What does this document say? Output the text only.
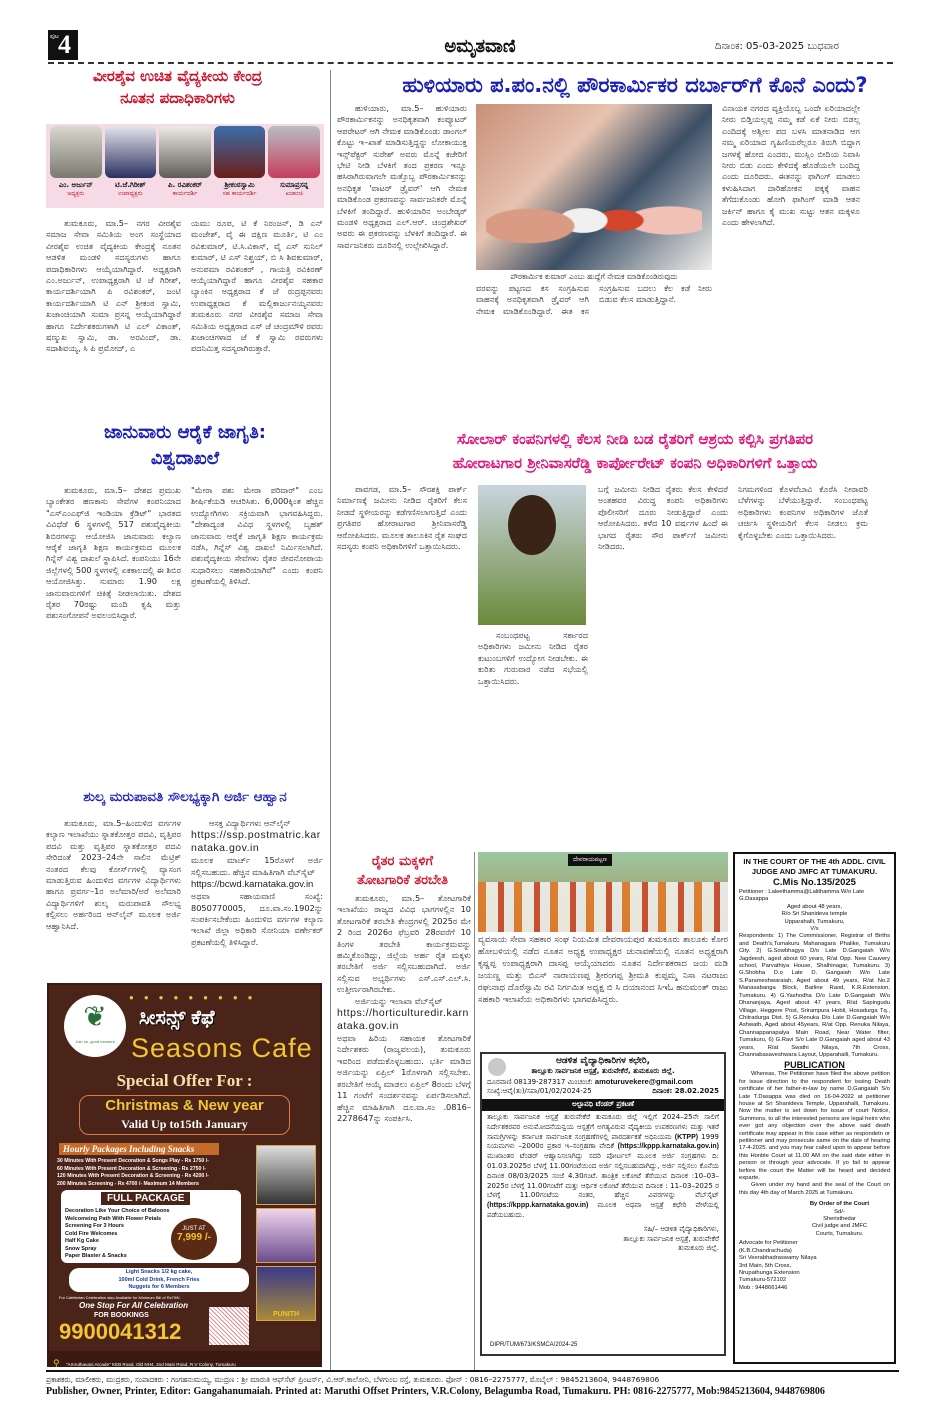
ಪುಟ 4	ಅಮೃತವಾಣಿ	ದಿನಾಂಕ: 05-03-2025 ಬುಧವಾರ
ವೀರಶೈವ ಉಚಿತ ವೈದ್ಯಕೀಯ ಕೇಂದ್ರ
ನೂತನ ಪದಾಧಿಕಾರಿಗಳು
ಎಂ. ಅರ್ಜುನ್
ಅಧ್ಯಕ್ಷರು
ಟಿ.ಜೆ.ಗಿರೀಶ್
ಉಪಾಧ್ಯಕ್ಷರು
ಪಿ. ರವಿಶಂಕರ್
ಕಾರ್ಯದರ್ಶಿ
ಶ್ರೀಕಂಠಸ್ವಾಮಿ
ಸಹ ಕಾರ್ಯದರ್ಶಿ
ಸುಮಾಪ್ರಸನ್ನ
ಖಜಾಂಚಿ

ತುಮಕೂರು, ಮಾ.5– ನಗರ ವೀರಶೈವ ಸಮಾಜ ಸೇವಾ ಸಮಿತಿಯ ಅಂಗ ಸಂಸ್ಥೆಯಾದ ವೀರಶೈವ ಉಚಿತ ವೈದ್ಯಕೀಯ ಕೇಂದ್ರಕ್ಕೆ ನೂತನ ಆಡಳಿತ ಮಂಡಳಿ ಸದಸ್ಯರುಗಳು ಹಾಗೂ ಪದಾಧಿಕಾರಿಗಳು ಆಯ್ಕೆಯಾಗಿದ್ದಾರೆ. ಅಧ್ಯಕ್ಷರಾಗಿ ಎಂ.ಅರ್ಜುನ್, ಉಪಾಧ್ಯಕ್ಷರಾಗಿ ಟಿ ಜೆ ಗಿರೀಶ್, ಕಾರ್ಯದರ್ಶಿಯಾಗಿ ಪಿ ರವಿಶಂಕರ್, ಜಂಟಿ ಕಾರ್ಯದರ್ಶಿಯಾಗಿ ಟಿ ಎನ್ ಶ್ರೀಕಂಠ ಸ್ವಾಮಿ, ಖಜಾಂಚಿಯಾಗಿ ಸುಮಾ ಪ್ರಸನ್ನ ಆಯ್ಕೆಯಾಗಿದ್ದಾರೆ ಹಾಗೂ ನಿರ್ದೇಶಕರುಗಳಾಗಿ ಟಿ ಎಲ್ ವಿಕಾಂತ್, ಷಣ್ಮುಖ ಸ್ವಾಮಿ, ಡಾ. ಅರವಿಂದ್, ಡಾ. ಸದಾಶಿವಯ್ಯ, ಸಿ ಪಿ ಪ್ರಮೋದ್, ಎ

ಯಮು ರೂಪ, ಟಿ ಕೆ ನಿರಂಜನ್, ಡಿ ಎನ್ ಮಂಜೇಶ್, ವೈ ಈ ದಕ್ಷಿಣ ಮೂರ್ತಿ, ಟಿ ಎಂ ರವಿಕುಮಾರ್, ಟಿ.ಸಿ.ವಿಕಾಸ್, ವೈ ಎಸ್ ಸುನಿಲ್ ಕುಮಾರ್, ಟಿ ಎಸ್ ನಿಶ್ಚಯ್, ಬಿ ಸಿ ಶಿವಕುಮಾರ್, ಅನುಪಮಾ ರವಿಶಂಕರ್ , ಗಾಯತ್ರಿ ರವಿಕಿರಣ್ ಆಯ್ಕೆಯಾಗಿದ್ದಾರೆ ಹಾಗೂ ವೀರಶೈವ ಸಹಕಾರ ಬ್ಯಾಂಕಿನ ಅಧ್ಯಕ್ಷರಾದ ಕೆ ಜೆ ರುದ್ರಪ್ಪನವರು ಉಪಾಧ್ಯಕ್ಷರಾದ ಕೆ ಮಲ್ಲಿಕಾರ್ಜುನಯ್ಯನವರು ತುಮಕೂರು ನಗರ ವೀರಶೈವ ಸಮಾಜ ಸೇವಾ ಸಮಿತಿಯ ಅಧ್ಯಕ್ಷರಾದ ಎಸ್ ಜೆ ಚಂದ್ರಮೌಳಿ ರವರು ಖಜಾಂಚಿಗಳಾದ ಜೆ ಕೆ ಸ್ವಾಮಿ ರವರುಗಳು ಪದನಿಮಿತ್ತ ಸದಸ್ಯರಾಗಿರುತ್ತಾರೆ.

ಜಾನುವಾರು ಆರೈಕೆ ಜಾಗೃತಿ:
ವಿಶ್ವದಾಖಲೆ

ತುಮಕೂರು, ಮಾ.5– ದೇಶದ ಪ್ರಮುಖ ಬ್ಯಾಂಕೇತರ ಹಣಕಾಸು ಸೇವೆಗಳ ಕಂಪನಿಯಾದ "ಎಸ್‌ಎಂಎಫ್‌ಜಿ ಇಂಡಿಯಾ ಕ್ರೆಡಿಟ್" ಭಾರತದ ವಿವಿಧೆಡೆ 6 ಸ್ಥಳಗಳಲ್ಲಿ 517 ಪಶುವೈದ್ಯಕೀಯ ಶಿಬಿರಗಳನ್ನು ಆಯೋಜಿಸಿ ಜಾನುವಾರು ಕಲ್ಯಾಣ ಆರೈಕೆ ಜಾಗೃತಿ ಶಿಕ್ಷಣ ಕಾರ್ಯಕ್ರಮದ ಮೂಲಕ ಗಿನ್ನೆಸ್ ವಿಶ್ವ ದಾಖಲೆ ಸ್ಥಾಪಿಸಿದೆ. ಕಂಪನಿಯು 16ನೇ ಜಿಲ್ಲೆಗಳಲ್ಲಿ 500 ಸ್ಥಳಗಳಲ್ಲಿ ಏಕಕಾಲದಲ್ಲಿ ಈ ಶಿಬಿರ ಆಯೋಜಿಸಿತ್ತು. ಸುಮಾರು 1.90 ಲಕ್ಷ ಜಾನುವಾರುಗಳಿಗೆ ಚಿಕಿತ್ಸೆ ನೀಡಲಾಯಿತು. ದೇಶದ ರೈತರ 70ರಷ್ಟು ಮಂದಿ ಕೃಷಿ ಮತ್ತು ಪಶುಸಂಗೋಪನೆ ಅವಲಂಬಿಸಿದ್ದಾರೆ.

"ಮೇರಾ ಪಶು ಮೇರಾ ಪರಿವಾರ್" ಎಂಬ ಶೀರ್ಷಿಕೆಯಡಿ ಆಚರಿಸಿತು. 6,000ಕ್ಕಿಂತ ಹೆಚ್ಚಿನ ಉದ್ಯೋಗಿಗಳು ಸಕ್ರಿಯವಾಗಿ ಭಾಗವಹಿಸಿದ್ದರು. "ದೇಶಾದ್ಯಂತ ವಿವಿಧ ಸ್ಥಳಗಳಲ್ಲಿ ಬೃಹತ್ ಜಾನುವಾರು ಆರೈಕೆ ಜಾಗೃತಿ ಶಿಕ್ಷಣ ಕಾರ್ಯಕ್ರಮ ನಡೆಸಿ, ಗಿನ್ನೆಸ್ ವಿಶ್ವ ದಾಖಲೆ ನಿರ್ಮಿಸಲಾಗಿದೆ. ಪಶುವೈದ್ಯಕೀಯ ಸೇವೆಗಳು ರೈತರ ಜೀವನೋಪಾಯ ಸುಧಾರಿಸಲು ಸಹಕಾರಿಯಾಗಿವೆ" ಎಂದು ಕಂಪನಿ ಪ್ರಕಟಣೆಯಲ್ಲಿ ತಿಳಿಸಿದೆ.

ಶುಲ್ಕ ಮರುಪಾವತಿ ಸೌಲಭ್ಯಕ್ಕಾಗಿ ಅರ್ಜಿ ಆಹ್ವಾನ

ತುಮಕೂರು, ಮಾ.5–ಹಿಂದುಳಿದ ವರ್ಗಗಳ ಕಲ್ಯಾಣ ಇಲಾಖೆಯು ಸ್ನಾತಕೋತ್ತರ ಪದವಿ, ವೃತ್ತಿಪರ ಪದವಿ ಮತ್ತು ವೃತ್ತಿಪರ ಸ್ನಾತಕೋತ್ತರ ಪದವಿ ಸೇರಿದಂತೆ 2023–24ನೇ ಸಾಲಿನ ಮೆಟ್ರಿಕ್ ನಂತರದ ಕೆಲವು ಕೋರ್ಸ್‌ಗಳಲ್ಲಿ ವ್ಯಾಸಂಗ ಮಾಡುತ್ತಿರುವ ಹಿಂದುಳಿದ ವರ್ಗಗಳ ವಿದ್ಯಾರ್ಥಿಗಳು ಹಾಗೂ ಪ್ರವರ್ಗ–1ರ ಅಲೆಮಾರಿ/ಅರೆ ಅಲೆಮಾರಿ ವಿದ್ಯಾರ್ಥಿಗಳಿಗೆ ಶುಲ್ಕ ಮರುಪಾವತಿ ಸೌಲಭ್ಯ ಕಲ್ಪಿಸಲು ಅರ್ಹರಿಂದ ಆನ್‌ಲೈನ್ ಮೂಲಕ ಅರ್ಜಿ ಆಹ್ವಾನಿಸಿದೆ.

ಆಸಕ್ತ ವಿದ್ಯಾರ್ಥಿಗಳು ಆನ್‌ಲೈನ್

https://ssp.postmatric.karnataka.gov.in
ಮೂಲಕ ಮಾರ್ಚ್ 15ರೊಳಗೆ ಅರ್ಜಿ ಸಲ್ಲಿಸಬಹುದು. ಹೆಚ್ಚಿನ ಮಾಹಿತಿಗಾಗಿ ವೆಬ್‌ಸೈಟ್
https://bcwd.karnataka.gov.in
ಅಥವಾ ಸಹಾಯವಾಣಿ ಸಂಖ್ಯೆ: 8050770005, ದೂ.ವಾ.ಸಂ.1902ನ್ನು ಸಂಪರ್ಕಿಸಬೇಕೆಂದು ಹಿಂದುಳಿದ ವರ್ಗಗಳ ಕಲ್ಯಾಣ ಇಲಾಖೆ ಜಿಲ್ಲಾ ಅಧಿಕಾರಿ ಸೋನಿಯಾ ವರ್ಣೇಕರ್ ಪ್ರಕಟಣೆಯಲ್ಲಿ ತಿಳಿಸಿದ್ದಾರೆ.
❦
Join us, good moment
●●●●●●●●●
ಸೀಸನ್ಸ್ ಕೆಫೆ
Seasons Cafe
Special Offer For :
Christmas & New year
Valid Up to15th January
Hourly Packages Including Snacks
30 Minutes With Present Decoration & Songs Play - Rs 1750 /-
60 Minutes With Present Decoration & Screening - Rs 2750 /-
120 Minutes With Present Decoration & Screening - Rs 4200 /-
200 Minutes Screening - Rs 4700 /- Maximum 14 Members
FULL PACKAGE
Decoration Like Your Choice of Baloons
Welcomeing Path With Flower Petals
Screening For 3 Hours
Cold Fire Welcomes
Half Kg Cake
Snow Spray
Paper Blaster & Snacks
JUST AT
7,999 /-
Light Snacks 1/2 kg cake,
100ml Cold Drink, French Fries
Nuggets for 6 Members
For Cafeterian Celebration also Available for Minimum Bill of Rs799/-
One Stop For All Celebration
FOR BOOKINGS
9900041312
PUNITH
⚲ "Amruthavani Arcade" KEB Road, Old NH4, 2nd Main Road, R.V Colony, Tumakuru
ಹುಳಿಯಾರು ಪ.ಪಂ.ನಲ್ಲಿ ಪೌರಕಾರ್ಮಿಕರ ದರ್ಬಾರ್‌ಗೆ ಕೊನೆ ಎಂದು?

ಹುಳಿಯಾರು, ಮಾ.5– ಹುಳಿಯಾರು ಪೌರಕಾರ್ಮಿಕನನ್ನು ಅನಧಿಕೃತವಾಗಿ ಕಂಪ್ಯೂಟರ್ ಆಪರೇಟರ್ ಆಗಿ ನೇಮಕ ಮಾಡಿಕೊಂಡು ಡಾಂಗಲ್ ಕೊಟ್ಟು ಇ–ಖಾತೆ ಮಾಡಿಸುತ್ತಿದ್ದನ್ನು ಲೋಕಾಯುಕ್ತ ಇನ್ಸ್‌ಪೆಕ್ಟರ್ ಸುರೇಶ್ ಅವರು ಮೊನ್ನೆ ಕಚೇರಿಗೆ ಭೇಟಿ ನೀಡಿ ಬೆಳಕಿಗೆ ತಂದ ಪ್ರಕರಣ ಇನ್ನೂ ಹಸಿರಾಗಿರುವಾಗಲೇ ಮತ್ತೊಬ್ಬ ಪೌರಕಾರ್ಮಿಕನನ್ನು ಅನಧಿಕೃತ 'ವಾಟರ್ ಡ್ರೈವರ್' ಆಗಿ ನೇಮಕ ಮಾಡಿಕೊಂಡ ಪ್ರಕರಣವನ್ನು ಸಾರ್ವಜನಿಕರೇ ಮೊನ್ನೆ ಬೆಳಕಿಗೆ ತಂದಿದ್ದಾರೆ. ಹುಳಿಯಾರಿನ ಅಂಬೇಡ್ಕರ್ ಮಂಡಳಿ ಅಧ್ಯಕ್ಷರಾದ ಎಲ್.ಆರ್. ಚಂದ್ರಶೇಖರ್ ಅವರು ಈ ಪ್ರಕರಣವನ್ನು ಬೆಳಕಿಗೆ ತಂದಿದ್ದಾರೆ. ಈ ಸಾರ್ವಜನಿಕರು ದೂರಿನಲ್ಲಿ ಉಲ್ಲೇಖಿಸಿದ್ದಾರೆ.

ಪೌರಕಾರ್ಮಿಕ ಕುಮಾರ್ ಎಂಬು ಹುದ್ದೆಗೆ ನೇಮಕ ಮಾಡಿಕೊಂಡಿರುವುದು

ವರವನ್ನು ಪಟ್ಟಣದ ಕಸ ಸಂಗ್ರಹಿಸುವ ವಾಹನಕ್ಕೆ ಅನಧಿಕೃತವಾಗಿ ಡ್ರೈವರ್ ಆಗಿ ನೇಮಕ ಮಾಡಿಕೊಂಡಿದ್ದಾರೆ. ಈತ ಕಸ ಸಂಗ್ರಹಿಸುವ ಬದಲು ಕೆಲ ಕಡೆ ನೀರು ಬಿಡುವ ಕೆಲಸ ಮಾಡುತ್ತಿದ್ದಾನೆ.

ವಿನಾಯಕ ನಗರದ ವ್ಯಕ್ತಿಯೊಬ್ಬ ಒಂದೇ ಏರಿಯಾದಲ್ಲೇ ನೀರು ಬಿಡ್ತಿಯಲ್ಲಪ್ಪ ನಮ್ಮ ಕಡೆ ಏಕೆ ನೀರು ಬಿಡಲ್ಲ ಎಂದಿದಕ್ಕೆ ಅಶ್ಲೀಲ ಪದ ಬಳಸಿ ಮಾತನಾಡಿದ ಆಗ ನಮ್ಮ ಏರಿಯಾದ ಗೃಹಿಣಿಯರೆಲ್ಲರೂ ತಿರುಗಿ ಬಿದ್ದಾಗ ಜಗಳಕ್ಕೆ ಹೋದ ಎಂದರು, ಮುಸ್ಲಿಂ ಬೀದಿಯ ನಿವಾಸಿ ನೀರು ಬಿಡು ಎಂದು ಕೇಳಿದಕ್ಕೆ ಹೊಡೆಯಲೇ ಬಂದಿದ್ದ ಎಂದು ದೂರಿದರು. ಈತನನ್ನು ಫಾಗಿಂಗ್ ಮಾಡಲು ಕಳುಹಿಸಿದಾಗ ದಾರಿಹೋಕನ ಪಕ್ಕಕ್ಕೆ ವಾಹನ ತೆಗೆದುಕೊಂಡು ಹೋಗಿ ಫಾಗಿಂಗ್ ಮಾಡಿ ಆತನ ಜರ್ಕಿನ್ ಹಾಗೂ ಕೈ ಮುಖ ಸುಟ್ಟು ಆತನ ಮಕ್ಕಳೂ ಎಂದು ಹೇಳಲಾಗಿದೆ.

ಸೋಲಾರ್ ಕಂಪನಿಗಳಲ್ಲಿ ಕೆಲಸ ನೀಡಿ ಬಡ ರೈತರಿಗೆ ಆಶ್ರಯ ಕಲ್ಪಿಸಿ ಪ್ರಗತಿಪರ
ಹೋರಾಟಗಾರ ಶ್ರೀನಿವಾಸರೆಡ್ಡಿ ಕಾರ್ಪೋರೇಟ್ ಕಂಪನಿ ಅಧಿಕಾರಿಗಳಿಗೆ ಒತ್ತಾಯ

ಪಾವಗಡ, ಮಾ.5– ಸೌರಶಕ್ತಿ ಪಾರ್ಕ್ ನಿರ್ಮಾಣಕ್ಕೆ ಜಮೀನು ನೀಡಿದ ರೈತರಿಗೆ ಕೆಲಸ ನೀಡದೆ ಸ್ಥಳೀಯರನ್ನು ಕಡೆಗಣಿಸಲಾಗುತ್ತಿದೆ ಎಂದು ಪ್ರಗತಿಪರ ಹೋರಾಟಗಾರ ಶ್ರೀನಿವಾಸರೆಡ್ಡಿ ಆರೋಪಿಸಿದರು. ಮೂಲಕ ತಾಲೂಕಿನ ರೈತ ಸಂಘದ ಸದಸ್ಯರು ಕಂಪನಿ ಅಧಿಕಾರಿಗಳಿಗೆ ಒತ್ತಾಯಿಸಿದರು.

ಸಂಬಂಧಪಟ್ಟ ಸರ್ಕಾರದ ಅಧಿಕಾರಿಗಳು ಜಮೀನು ನೀಡಿದ ರೈತರ ಕುಟುಂಬಗಳಿಗೆ ಉದ್ಯೋಗ ನೀಡಬೇಕು. ಈ ಕುರಿತು ಗುರುವಾರ ನಡೆದ ಸಭೆಯಲ್ಲಿ ಒತ್ತಾಯಿಸಿದರು.

ಬಗ್ಗೆ ಜಮೀನು ನೀಡಿದ ರೈತರು ಕೆಲಸ ಕೇಳಿದರೆ ಅಂತಹವರ ವಿರುದ್ಧ ಕಂಪನಿ ಅಧಿಕಾರಿಗಳು ಪೊಲೀಸರಿಗೆ ದೂರು ನೀಡುತ್ತಿದ್ದಾರೆ ಎಂದು ಆರೋಪಿಸಿದರು. ಕಳೆದ 10 ವರ್ಷಗಳ ಹಿಂದೆ ಈ ಭಾಗದ ರೈತರು ಸೌರ ಪಾರ್ಕ್‌ಗೆ ಜಮೀನು ನೀಡಿದರು.

ನಿಗಮಗಳಿಂದ ಕೊಳವೆಬಾವಿ ಕೊರೆಸಿ ನೀರಾವರಿ ಬೆಳೆಗಳನ್ನು ಬೆಳೆಯುತ್ತಿದ್ದಾರೆ. ಸಂಬಂಧಪಟ್ಟ ಅಧಿಕಾರಿಗಳು ಕಂಪನಿಗಳ ಅಧಿಕಾರಿಗಳ ಜೊತೆ ಚರ್ಚಿಸಿ ಸ್ಥಳೀಯರಿಗೆ ಕೆಲಸ ನೀಡಲು ಕ್ರಮ ಕೈಗೊಳ್ಳಬೇಕು ಎಂದು ಒತ್ತಾಯಿಸಿದರು.

ರೈತರ ಮಕ್ಕಳಿಗೆ
ತೋಟಗಾರಿಕೆ ತರಬೇತಿ

ತುಮಕೂರು, ಮಾ.5– ತೋಟಗಾರಿಕೆ ಇಲಾಖೆಯು ರಾಜ್ಯದ ವಿವಿಧ ಭಾಗಗಳಲ್ಲಿನ 10 ತೋಟಗಾರಿಕೆ ತರಬೇತಿ ಕೇಂದ್ರಗಳಲ್ಲಿ 2025ರ ಮೇ 2 ರಿಂದ 2026ರ ಫೆಬ್ರವರಿ 28ರವರೆಗೆ 10 ತಿಂಗಳ ತರಬೇತಿ ಕಾರ್ಯಕ್ರಮವನ್ನು ಹಮ್ಮಿಕೊಂಡಿದ್ದು, ಜಿಲ್ಲೆಯ ಅರ್ಹ ರೈತ ಮಕ್ಕಳು ತರಬೇತಿಗೆ ಅರ್ಜಿ ಸಲ್ಲಿಸಬಹುದಾಗಿದೆ. ಅರ್ಜಿ ಸಲ್ಲಿಸುವ ಅಭ್ಯರ್ಥಿಗಳು ಎಸ್.ಎಸ್.ಎಲ್.ಸಿ. ಉತ್ತೀರ್ಣರಾಗಿರಬೇಕು.

ಅರ್ಜಿಯನ್ನು ಇಲಾಖಾ ವೆಬ್‌ಸೈಟ್

https://horticulturedir.karnataka.gov.in
ಅಥವಾ ಹಿರಿಯ ಸಹಾಯಕ ತೋಟಗಾರಿಕೆ ನಿರ್ದೇಶಕರು (ರಾಜ್ಯವಲಯ), ತುಮಕೂರು ಇವರಿಂದ ಪಡೆದುಕೊಳ್ಳಬಹುದು. ಭರ್ತಿ ಮಾಡಿದ ಅರ್ಜಿಯನ್ನು ಏಪ್ರಿಲ್ 1ರೊಳಗಾಗಿ ಸಲ್ಲಿಸಬೇಕು. ತರಬೇತಿಗೆ ಆಯ್ಕೆ ಮಾಡಲು ಏಪ್ರಿಲ್ 8ರಂದು ಬೆಳಗ್ಗೆ 11 ಗಂಟೆಗೆ ಸಂದರ್ಶನವನ್ನು ಏರ್ಪಡಿಸಲಾಗಿದೆ. ಹೆಚ್ಚಿನ ಮಾಹಿತಿಗಾಗಿ ದೂ.ವಾ.ಸಂ .0816–2278647ನ್ನು ಸಂಪರ್ಕಿಸಿ.
ದೇವರಾಯಪಟ್ಟಣ

ವ್ಯವಸಾಯ ಸೇವಾ ಸಹಕಾರ ಸಂಘ ನಿಯಮಿತ ದೇವರಾಯಪುರ ತುಮಕೂರು ತಾಲೂಕು ಕೋರ ಹೋಬಳಿಯಲ್ಲಿ ನಡೆದ ನೂತನ ಅಧ್ಯಕ್ಷ ಉಪಾಧ್ಯಕ್ಷರ ಚುನಾವಣೆಯಲ್ಲಿ ನೂತನ ಅಧ್ಯಕ್ಷರಾಗಿ ಕೃಷ್ಣಪ್ಪ ಉಪಾಧ್ಯಕ್ಷರಾಗಿ ದಾಸಪ್ಪ ಆಯ್ಕೆಯಾದರು ನೂತನ ನಿರ್ದೇಶಕರಾದ ಜಯ ಮಡಿ ಜಯಣ್ಣ ಮತ್ತು ಬಿಎಸ್ ನಾರಾಯಣಪ್ಪ ಶ್ರೀರಂಗಪ್ಪ ಶ್ರೀಮತಿ ಕುಪ್ಪಮ್ಮ ನಿಸಾ ನಟರಾಜು ರಘುನಾಥ ದೊರೆಸ್ವಾಮಿ ರವಿ ನಿರ್ಗಮಿತ ಅಧ್ಯಕ್ಷ ಬಿ ಸಿ ದಯಾನಂದ ಸಿಇಓ ಹನುಮಂತ್ ರಾಜು ಸಹಕಾರಿ ಇಲಾಖೆಯ ಅಧಿಕಾರಿಗಳು ಭಾಗವಹಿಸಿದ್ದರು.

ಆಡಳಿತ ವೈದ್ಯಾಧಿಕಾರಿಗಳ ಕಛೇರಿ,
ತಾಲ್ಲೂಕು ಸಾರ್ವಜನಿಕ ಆಸ್ಪತ್ರೆ, ತುರುವೇಕೆರೆ, ತುಮಕೂರು ಜಿಲ್ಲೆ.
ದೂರವಾಣಿ 08139-287317 ಮಿಂಚಂಚೆ: amoturuvekere@gmail.com
ಸಂಖ್ಯೆ:ಆವೈ(ತು)/ಸಪಾ/01/02/2024-25	ದಿನಾಂಕ: 28.02.2025
ಅಲ್ಪಾವಧಿ ಟೆಂಡರ್ ಪ್ರಕಟಣೆ
ತಾಲ್ಲೂಕು ಸಾರ್ವಜನಿಕ ಆಸ್ಪತ್ರೆ ತುರುವೇಕೆರೆ ತುಮಕೂರು ಜಿಲ್ಲೆ ಇಲ್ಲಿಗೆ 2024–25ನೇ ಸಾಲಿಗೆ ನಿರ್ದೇಶಕರವರ ಅನುಮೋದನೆಯನ್ವಯ ಆಸ್ಪತ್ರೆಗೆ ಅಗತ್ಯವಿರುವ ವೈದ್ಯಕೀಯ ಉಪಕರಣಗಳು ಮತ್ತು ಇತರೆ ಸಾಮಗ್ರಿಗಳನ್ನು ಕರ್ನಾಟಕ ಸಾರ್ವಜನಿಕ ಸಂಗ್ರಹಣೆಗಳಲ್ಲಿ ಪಾರದರ್ಶಕತೆ ಅಧಿನಿಯಮ (KTPP) 1999 ನಿಯಮಗಳು –2000ರ ಪ್ರಕಾರ ಇ–ಸಂಗ್ರಹಣಾ ವೇದಿಕೆ (https://kppp.karnataka.gov.in) ಮುಖಾಂತರ ಟೆಂಡರ್ ಆಹ್ವಾನಿಸಲಾಗಿದ್ದು ಸದರಿ ಪೋರ್ಟಲ್ ಮೂಲಕ ಅರ್ಜಿ ಸಂಗ್ರಹಗಳು ದಿ: 01.03.2025ರ ಬೆಳಗ್ಗೆ 11.00ಗಂಟೆಯಿಂದ ಅರ್ಜಿ ಸಲ್ಲಿಸಬಹುದಾಗಿದ್ದು, ಅರ್ಜಿ ಸಲ್ಲಿಸಲು ಕೊನೆಯ ದಿನಾಂಕ 08/03/2025 ಸಂಜೆ 4.30ಗಂಟೆ. ತಾಂತ್ರಿಕ ಲಕೋಟೆ ತೆರೆಯುವ ದಿನಾಂಕ :10–03–2025ರ ಬೆಳಗ್ಗೆ 11.00ಗಂಟೆಗೆ ಮತ್ತು ಆರ್ಥಿಕ ಲಕೋಟೆ ತೆರೆಯುವ ದಿನಾಂಕ : 11–03–2025 ರ ಬೆಳಗ್ಗೆ 11.00ಗಂಟೆಯ ನಂತರ, ಹೆಚ್ಚಿನ ವಿವರಗಳನ್ನು ವೆಬ್‌ಸೈಟ್ (https://kppp.karnataka.gov.in) ಮೂಲಕ ಅಥವಾ ಆಸ್ಪತ್ರೆ ಕಛೇರಿ ವೇಳೆಯಲ್ಲಿ ಪಡೆಯಬಹುದು.
ಸಹಿ/– ಆಡಳಿತ ವೈದ್ಯಾಧಿಕಾರಿಗಳು,
ತಾಲ್ಲೂಕು ಸಾರ್ವಜನಿಕ ಆಸ್ಪತ್ರೆ, ತುರುವೇಕೆರೆ
ತುಮಕೂರು ಜಿಲ್ಲೆ.
DIPR/TUM/673/KSMCA/2024-25
IN THE COURT OF THE 4th ADDL. CIVIL
JUDGE AND JMFC AT TUMAKURU.
C.Mis No.135/2025
Petitioner : Laleethamma@Lalithamma W/o Late G.Dasappa
Aged about 48 years,
R/o Sri Shanideva temple
Upparahalli, Tumakuru,
V/s
Respondents: 1) The Commissioner, Registrar of Births and Death's,Tumakuru Mahanagara Phalike, Tumakuru City. 2) G.Sowbhagya D/o Late D.Gangaiah W/o Jagdeesh, aged about 60 years, R/at Opp. New Cauvery school, Parvathiya House, Shalhinagar, Tumakuru. 3) G.Shobha D.o Late D. Gangaiah W/o Late S.Parameshwaraiah, Aged about 49 years, R/at No.2 Manasabanga Block, Barline Raod, K.R.Extension, Tumakuru. 4) G.Yashodha D/o Late D.Gangaiah W/o Dhananjaya, Aged about 47 years, R/at Sapingudu Village, Heggere Post, Srirampura Hobli, Hosadurga Tq., Chitradurga Dist. 5) G.Renuka D/o Late D.Gangaiah W/o Ashwath, Aged about 45years, R/at Opp. Renuka Nilaya, Channappanapalya Main Road, Near Water filter, Tumakuru, 6) G.Ravi S/o Late D.Gangaiah aged about 43 years, R/at Swathi Nilaya, 7th Cross, Channabasaveshwara Layout, Upparahalli, Tumakuru.
PUBLICATION
Whereas, The Petitioner have filed the above petition for issue direction to the respondent for issiing Death certificate of her father-in-law by name D.Gangaiah S/o Late T.Dasappa was died on 16-04-2022 at petitioner house at Sri Shanideva Temple, Upparahalli, Tumakuru. Now the matter is set down for issue of court Notice, Summons, to all the interested persons are legal heirs who ever got any objection over the above said death certificate may appear in this case either as respondetn or petitioner and may prosecute same on the date of hearing 17-4-2025. and you may fear called upon to appear before this Honble Court at 11.00 AM on the said date either in person or through your advocate. If yo fail to appear before the court the Matter will be heard and decided exparte.
Given under my hand and the seal of the Court on this day 4th day of March 2025 at Tumakuru.
By Order of the Court
Sd/-
Sheristhedar
Civil judge and JMFC
Courts, Tumakuru.
Advocate for Petitioner
(K.B.Chandrachuda)
Sri Veerabhadraswamy Nilaya
3rd Main, 5th Cross,
Nrupathunga Extension
Tumakuru-572102
Mob : 9448661446
ಪ್ರಕಾಶಕರು, ಮಾಲೀಕರು, ಮುದ್ರಕರು, ಸಂಪಾದಕರು : ಗಂಗಹನುಮಯ್ಯ, ಮುದ್ರಣ : ಶ್ರೀ ಮಾರುತಿ ಆಫ್‌ಸೆಟ್ ಪ್ರಿಂಟರ್ಸ್, ವಿ.ಆರ್.ಕಾಲೋನಿ, ಬೆಳಗುಂಬ ರಸ್ತೆ, ತುಮಕೂರು. ಫೋನ್ : 0816–2275777, ಮೊಬೈಲ್ : 9845213604, 9448769806
Publisher, Owner, Printer, Editor: Gangahanumaiah. Printed at: Maruthi Offset Printers, V.R.Colony, Belagumba Road, Tumakuru. PH: 0816-2275777, Mob:9845213604, 9448769806
